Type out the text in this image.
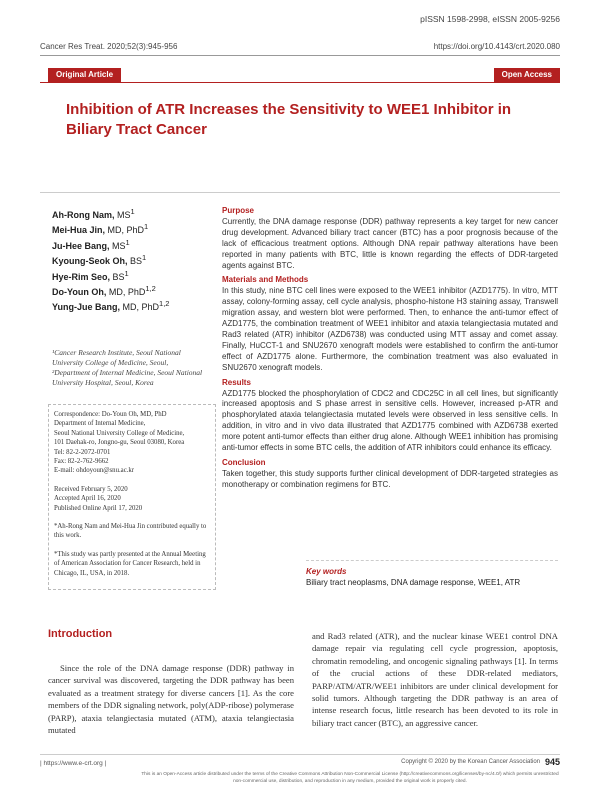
pISSN 1598-2998, eISSN 2005-9256
Cancer Res Treat. 2020;52(3):945-956	https://doi.org/10.4143/crt.2020.080
Original Article	Open Access
Inhibition of ATR Increases the Sensitivity to WEE1 Inhibitor in Biliary Tract Cancer
Ah-Rong Nam, $MS^1$
Mei-Hua Jin, MD, PhD$^1$
Ju-Hee Bang, $MS^1$
Kyoung-Seok Oh, $BS^1$
Hye-Rim Seo, $BS^1$
Do-Youn Oh, MD, PhD$^{1,2}$
Yung-Jue Bang, MD, PhD$^{1,2}$
¹Cancer Research Institute, Seoul National University College of Medicine, Seoul,
²Department of Internal Medicine, Seoul National University Hospital, Seoul, Korea
Correspondence: Do-Youn Oh, MD, PhD
Department of Internal Medicine,
Seoul National University College of Medicine,
101 Daehak-ro, Jongno-gu, Seoul 03080, Korea
Tel: 82-2-2072-0701
Fax: 82-2-762-9662
E-mail: ohdoyoun@snu.ac.kr
Received February 5, 2020
Accepted April 16, 2020
Published Online April 17, 2020
*Ah-Rong Nam and Mei-Hua Jin contributed equally to this work.
*This study was partly presented at the Annual Meeting of American Association for Cancer Research, held in Chicago, IL, USA, in 2018.
Purpose
Currently, the DNA damage response (DDR) pathway represents a key target for new cancer drug development. Advanced biliary tract cancer (BTC) has a poor prognosis because of the lack of efficacious treatment options. Although DNA repair pathway alterations have been reported in many patients with BTC, little is known regarding the effects of DDR-targeted agents against BTC.
Materials and Methods
In this study, nine BTC cell lines were exposed to the WEE1 inhibitor (AZD1775). In vitro, MTT assay, colony-forming assay, cell cycle analysis, phospho-histone H3 staining assay, Transwell migration assay, and western blot were performed. Then, to enhance the anti-tumor effect of AZD1775, the combination treatment of WEE1 inhibitor and ataxia telangiectasia mutated and Rad3 related (ATR) inhibitor (AZD6738) was conducted using MTT assay and comet assay. Finally, HuCCT-1 and SNU2670 xenograft models were established to confirm the anti-tumor effect of AZD1775 alone. Furthermore, the combination treatment was also evaluated in SNU2670 xenograft models.
Results
AZD1775 blocked the phosphorylation of CDC2 and CDC25C in all cell lines, but significantly increased apoptosis and S phase arrest in sensitive cells. However, increased p-ATR and phosphorylated ataxia telangiectasia mutated levels were observed in less sensitive cells. In addition, in vitro and in vivo data illustrated that AZD1775 combined with AZD6738 exerted more potent anti-tumor effects than either drug alone. Although WEE1 inhibition has promising anti-tumor effects in some BTC cells, the addition of ATR inhibitors could enhance its efficacy.
Conclusion
Taken together, this study supports further clinical development of DDR-targeted strategies as monotherapy or combination regimens for BTC.
Key words
Biliary tract neoplasms, DNA damage response, WEE1, ATR
Introduction

Since the role of the DNA damage response (DDR) pathway in cancer survival was discovered, targeting the DDR pathway has been evaluated as a treatment strategy for diverse cancers [1]. As the core members of the DDR signaling network, poly(ADP-ribose) polymerase (PARP), ataxia telangiectasia mutated (ATM), ataxia telangiectasia mutated

and Rad3 related (ATR), and the nuclear kinase WEE1 control DNA damage repair via regulating cell cycle progression, apoptosis, chromatin remodeling, and oncogenic signaling pathways [1]. In terms of the crucial actions of these DDR-related mediators, PARP/ATM/ATR/WEE1 inhibitors are under clinical development for solid tumors. Although targeting the DDR pathway is an area of intense research focus, little research has been devoted to its role in biliary tract cancer (BTC), an aggressive cancer.

| https://www.e-crt.org |	Copyright © 2020 by the Korean Cancer Association 945
This is an Open-Access article distributed under the terms of the Creative Commons Attribution Non-Commercial License (http://creativecommons.org/licenses/by-nc/4.0/) which permits unrestricted non-commercial use, distribution, and reproduction in any medium, provided the original work is properly cited.
